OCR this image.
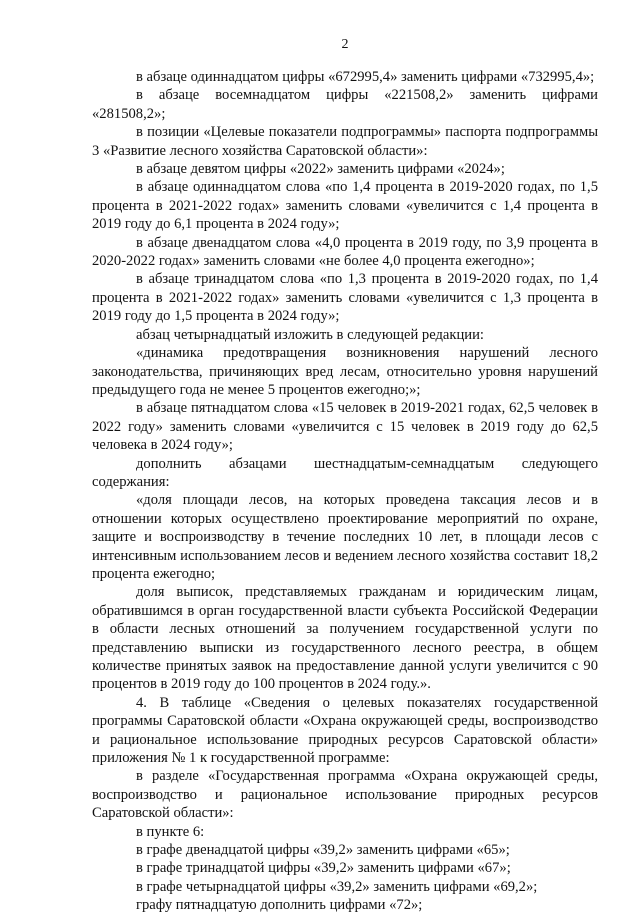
2

в абзаце одиннадцатом цифры «672995,4» заменить цифрами «732995,4»;

в абзаце восемнадцатом цифры «221508,2» заменить цифрами «281508,2»;

в позиции «Целевые показатели подпрограммы» паспорта подпрограммы 3 «Развитие лесного хозяйства Саратовской области»:

в абзаце девятом цифры «2022» заменить цифрами «2024»;

в абзаце одиннадцатом слова «по 1,4 процента в 2019-2020 годах, по 1,5 процента в 2021-2022 годах» заменить словами «увеличится с 1,4 процента в 2019 году до 6,1 процента в 2024 году»;

в абзаце двенадцатом слова «4,0 процента в 2019 году, по 3,9 процента в 2020-2022 годах» заменить словами «не более 4,0 процента ежегодно»;

в абзаце тринадцатом слова «по 1,3 процента в 2019-2020 годах, по 1,4 процента в 2021-2022 годах» заменить словами «увеличится с 1,3 процента в 2019 году до 1,5 процента в 2024 году»;

абзац четырнадцатый изложить в следующей редакции:

«динамика предотвращения возникновения нарушений лесного законодательства, причиняющих вред лесам, относительно уровня нарушений предыдущего года не менее 5 процентов ежегодно;»;

в абзаце пятнадцатом слова «15 человек в 2019-2021 годах, 62,5 человек в 2022 году» заменить словами «увеличится с 15 человек в 2019 году до 62,5 человека в 2024 году»;

дополнить абзацами шестнадцатым-семнадцатым следующего содержания:

«доля площади лесов, на которых проведена таксация лесов и в отношении которых осуществлено проектирование мероприятий по охране, защите и воспроизводству в течение последних 10 лет, в площади лесов с интенсивным использованием лесов и ведением лесного хозяйства составит 18,2 процента ежегодно;

доля выписок, представляемых гражданам и юридическим лицам, обратившимся в орган государственной власти субъекта Российской Федерации в области лесных отношений за получением государственной услуги по представлению выписки из государственного лесного реестра, в общем количестве принятых заявок на предоставление данной услуги увеличится с 90 процентов в 2019 году до 100 процентов в 2024 году.».

4. В таблице «Сведения о целевых показателях государственной программы Саратовской области «Охрана окружающей среды, воспроизводство и рациональное использование природных ресурсов Саратовской области» приложения № 1 к государственной программе:

в разделе «Государственная программа «Охрана окружающей среды, воспроизводство и рациональное использование природных ресурсов Саратовской области»:

в пункте 6:

в графе двенадцатой цифры «39,2» заменить цифрами «65»;

в графе тринадцатой цифры «39,2» заменить цифрами «67»;

в графе четырнадцатой цифры «39,2» заменить цифрами «69,2»;

графу пятнадцатую дополнить цифрами «72»;
